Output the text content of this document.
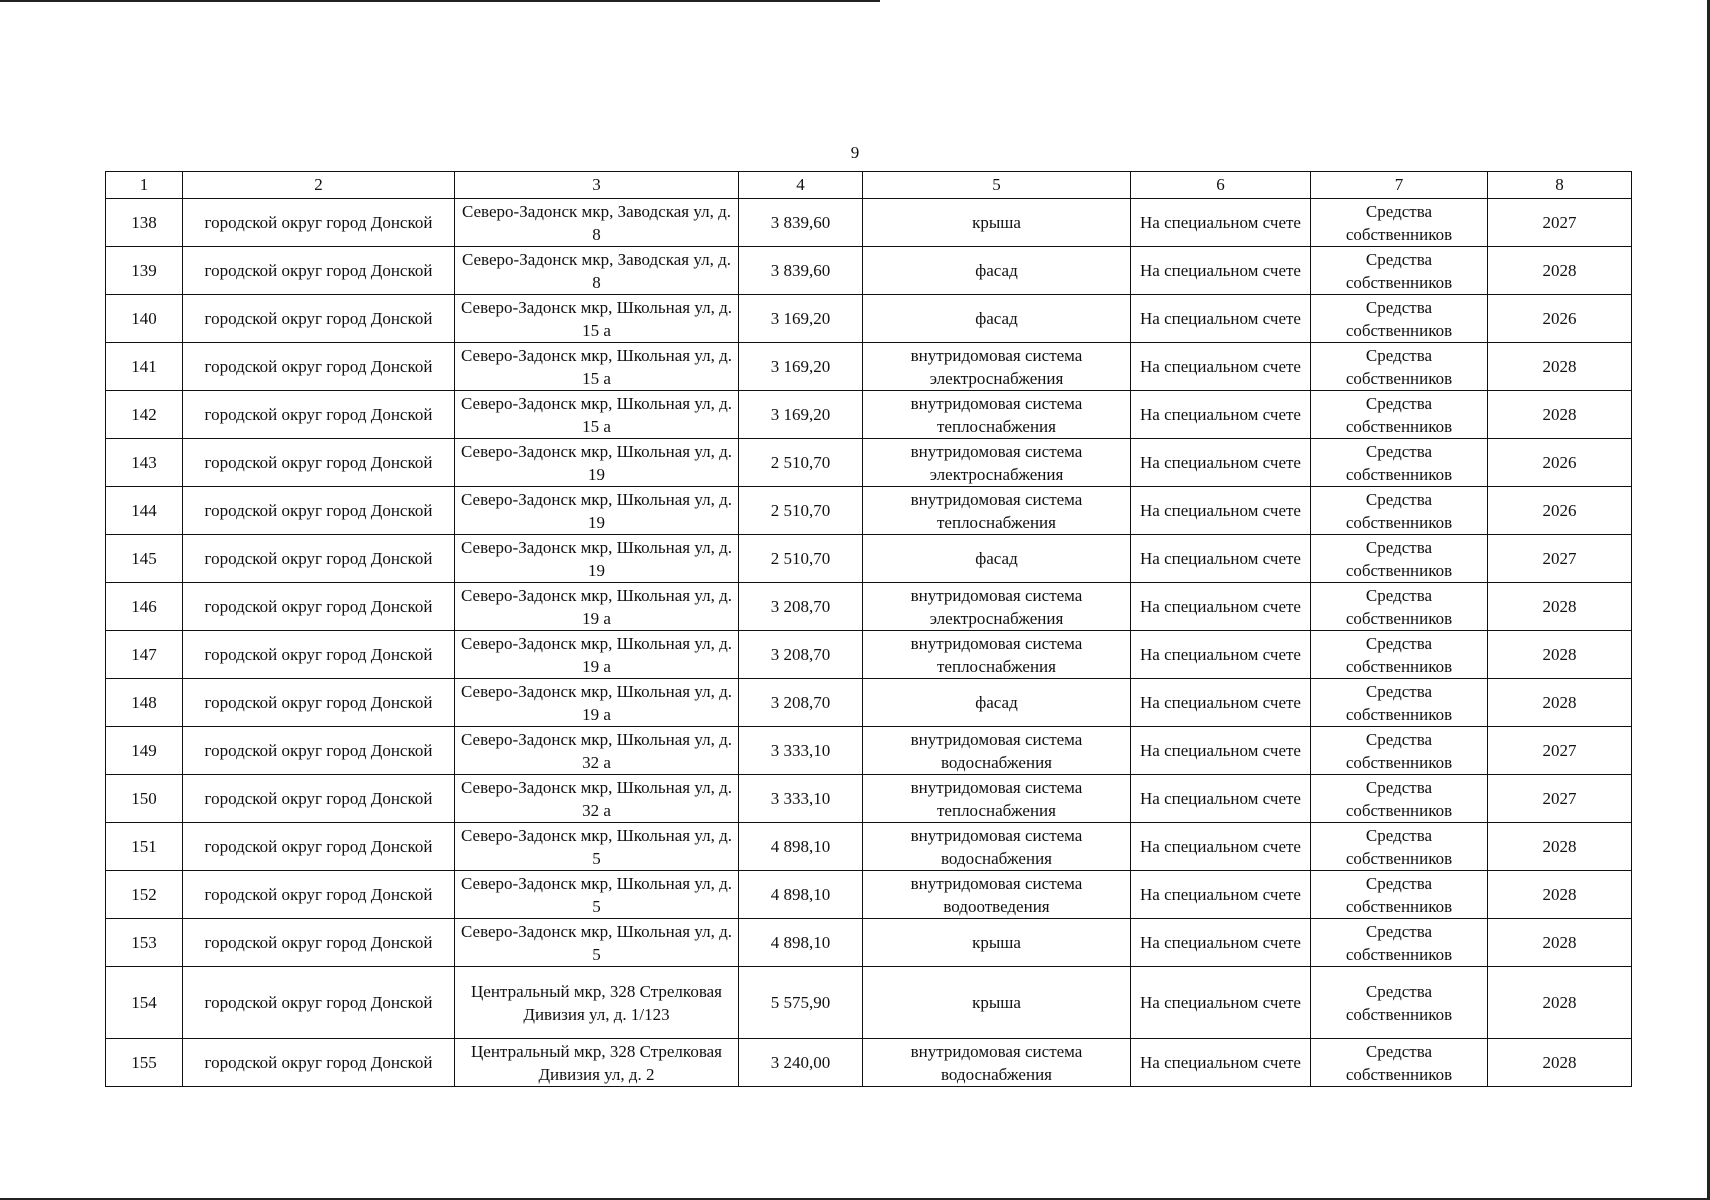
9
1	2	3	4	5	6	7	8
138	городской округ город Донской	Северо-Задонск мкр, Заводская ул, д. 8	3 839,60	крыша	На специальном счете	Средства собственников	2027
139	городской округ город Донской	Северо-Задонск мкр, Заводская ул, д. 8	3 839,60	фасад	На специальном счете	Средства собственников	2028
140	городской округ город Донской	Северо-Задонск мкр, Школьная ул, д. 15 а	3 169,20	фасад	На специальном счете	Средства собственников	2026
141	городской округ город Донской	Северо-Задонск мкр, Школьная ул, д. 15 а	3 169,20	внутридомовая система электроснабжения	На специальном счете	Средства собственников	2028
142	городской округ город Донской	Северо-Задонск мкр, Школьная ул, д. 15 а	3 169,20	внутридомовая система теплоснабжения	На специальном счете	Средства собственников	2028
143	городской округ город Донской	Северо-Задонск мкр, Школьная ул, д. 19	2 510,70	внутридомовая система электроснабжения	На специальном счете	Средства собственников	2026
144	городской округ город Донской	Северо-Задонск мкр, Школьная ул, д. 19	2 510,70	внутридомовая система теплоснабжения	На специальном счете	Средства собственников	2026
145	городской округ город Донской	Северо-Задонск мкр, Школьная ул, д. 19	2 510,70	фасад	На специальном счете	Средства собственников	2027
146	городской округ город Донской	Северо-Задонск мкр, Школьная ул, д. 19 а	3 208,70	внутридомовая система электроснабжения	На специальном счете	Средства собственников	2028
147	городской округ город Донской	Северо-Задонск мкр, Школьная ул, д. 19 а	3 208,70	внутридомовая система теплоснабжения	На специальном счете	Средства собственников	2028
148	городской округ город Донской	Северо-Задонск мкр, Школьная ул, д. 19 а	3 208,70	фасад	На специальном счете	Средства собственников	2028
149	городской округ город Донской	Северо-Задонск мкр, Школьная ул, д. 32 а	3 333,10	внутридомовая система водоснабжения	На специальном счете	Средства собственников	2027
150	городской округ город Донской	Северо-Задонск мкр, Школьная ул, д. 32 а	3 333,10	внутридомовая система теплоснабжения	На специальном счете	Средства собственников	2027
151	городской округ город Донской	Северо-Задонск мкр, Школьная ул, д. 5	4 898,10	внутридомовая система водоснабжения	На специальном счете	Средства собственников	2028
152	городской округ город Донской	Северо-Задонск мкр, Школьная ул, д. 5	4 898,10	внутридомовая система водоотведения	На специальном счете	Средства собственников	2028
153	городской округ город Донской	Северо-Задонск мкр, Школьная ул, д. 5	4 898,10	крыша	На специальном счете	Средства собственников	2028
154	городской округ город Донской	Центральный мкр, 328 Стрелковая Дивизия ул, д. 1/123	5 575,90	крыша	На специальном счете	Средства собственников	2028
155	городской округ город Донской	Центральный мкр, 328 Стрелковая Дивизия ул, д. 2	3 240,00	внутридомовая система водоснабжения	На специальном счете	Средства собственников	2028
